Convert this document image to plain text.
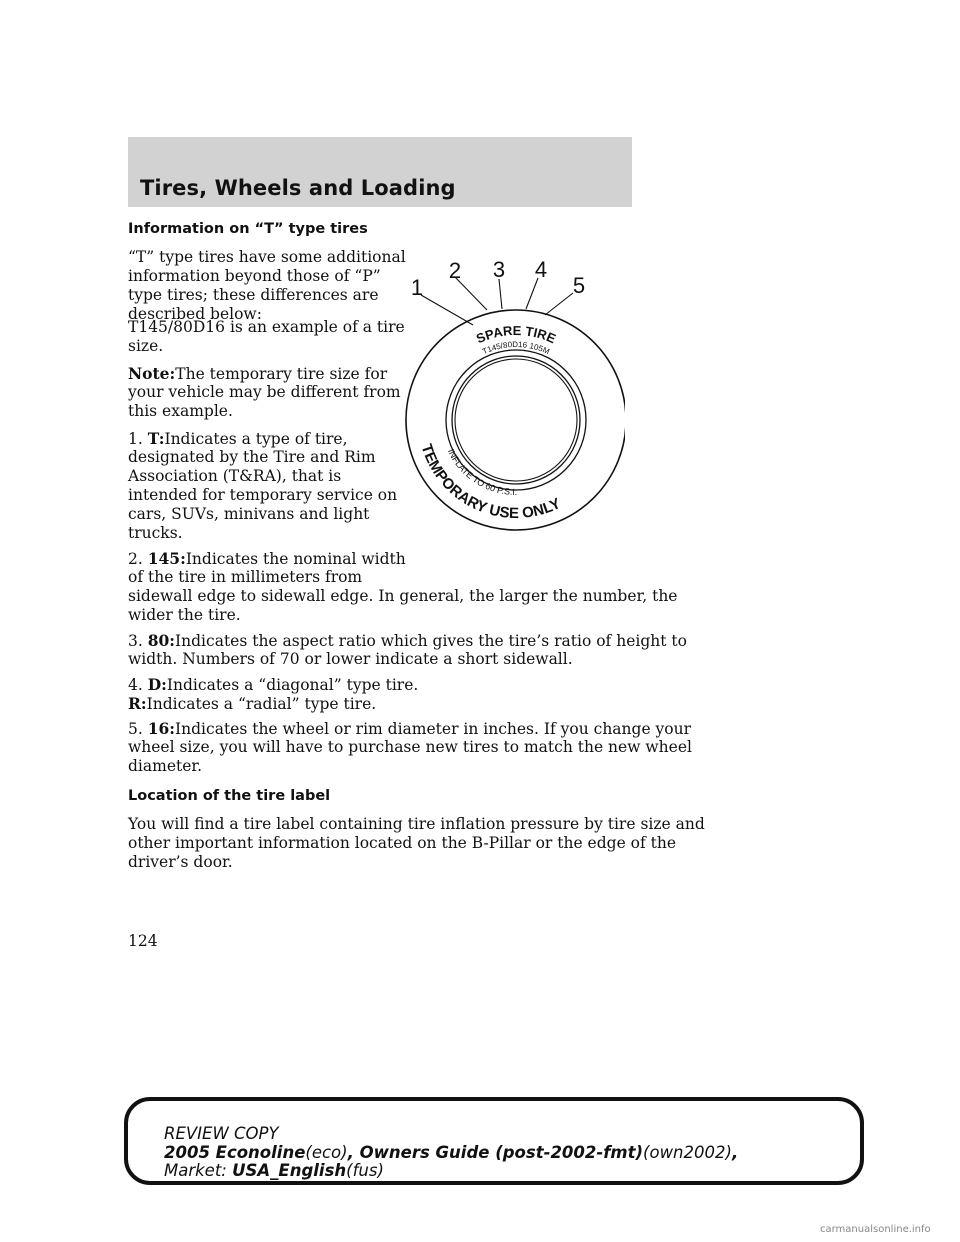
Tires, Wheels and Loading

Information on “T” type tires

“T” type tires have some additional

information beyond those of “P”

type tires; these differences are

described below:

T145/80D16 is an example of a tire

size.

Note:The temporary tire size for

your vehicle may be different from

this example.

1. T:Indicates a type of tire,

designated by the Tire and Rim

Association (T&RA), that is

intended for temporary service on

cars, SUVs, minivans and light

trucks.

2. 145:Indicates the nominal width

of the tire in millimeters from

sidewall edge to sidewall edge. In general, the larger the number, the

wider the tire.

3. 80:Indicates the aspect ratio which gives the tire’s ratio of height to

width. Numbers of 70 or lower indicate a short sidewall.

4. D:Indicates a “diagonal” type tire.

R:Indicates a “radial” type tire.

5. 16:Indicates the wheel or rim diameter in inches. If you change your

wheel size, you will have to purchase new tires to match the new wheel

diameter.

Location of the tire label

You will find a tire label containing tire inflation pressure by tire size and

other important information located on the B-Pillar or the edge of the

driver’s door.

1
2 3 4
5
SPARE TIRE
T145/80D16 105M
TEMPORARY USE ONLY
INFLATE TO 60 P.S.I.
124
REVIEW COPY
2005 Econoline(eco), Owners Guide (post-2002-fmt)(own2002),
Market: USA_English(fus)
carmanualsonline.info
